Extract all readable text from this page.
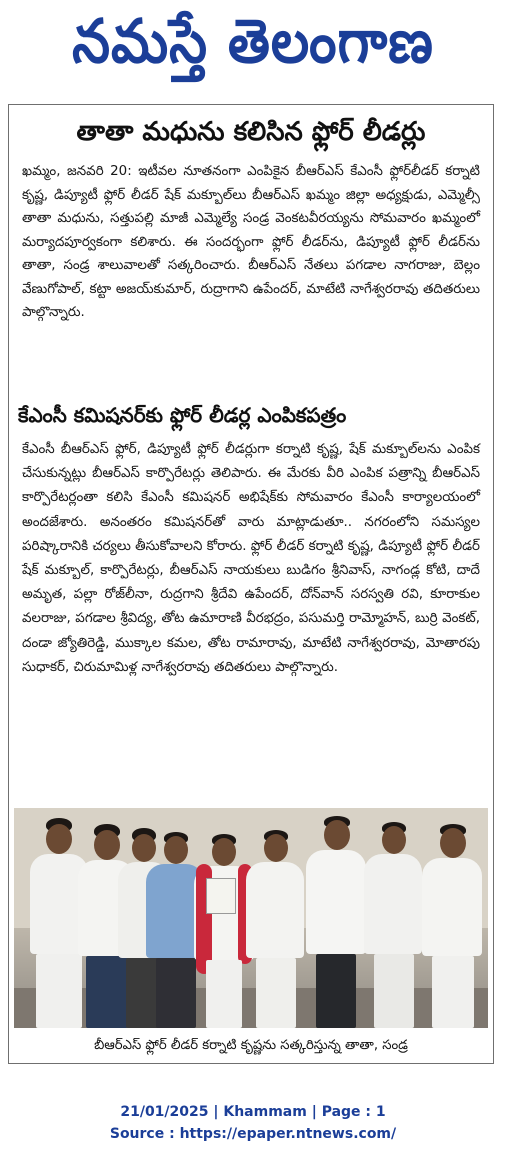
నమస్తే తెలంగాణ
తాతా మధును కలిసిన ఫ్లోర్ లీడర్లు
ఖమ్మం, జనవరి 20: ఇటీవల నూతనంగా ఎంపికైన బీఆర్ఎస్ కేఎంసీ ఫ్లోర్‌లీడర్ కర్నాటి కృష్ణ, డిప్యూటీ ఫ్లోర్ లీడర్ షేక్ మక్బూల్‌లు బీఆర్ఎస్ ఖమ్మం జిల్లా అధ్యక్షుడు, ఎమ్మెల్సీ తాతా మధును, సత్తుపల్లి మాజీ ఎమ్మెల్యే సండ్ర వెంకటవీరయ్యను సోమవారం ఖమ్మంలో మర్యాదపూర్వకంగా కలిశారు. ఈ సందర్భంగా ఫ్లోర్ లీడర్‌ను, డిప్యూటీ ఫ్లోర్ లీడర్‌ను తాతా, సండ్ర శాలువాలతో సత్కరించారు. బీఆర్ఎస్ నేతలు పగడాల నాగరాజు, బెల్లం వేణుగోపాల్, కట్టా అజయ్‌కుమార్, రుద్రాగాని ఉపేందర్, మాటేటి నాగేశ్వరరావు తదితరులు పాల్గొన్నారు.
కేఎంసీ కమిషనర్‌కు ఫ్లోర్ లీడర్ల ఎంపికపత్రం
కేఎంసీ బీఆర్ఎస్ ఫ్లోర్, డిప్యూటీ ఫ్లోర్ లీడర్లుగా కర్నాటి కృష్ణ, షేక్ మక్బూల్‌లను ఎంపిక చేసుకున్నట్లు బీఆర్ఎస్ కార్పొరేటర్లు తెలిపారు. ఈ మేరకు వీరి ఎంపిక పత్రాన్ని బీఆర్ఎస్ కార్పొరేటర్లంతా కలిసి కేఎంసీ కమిషనర్ అభిషేక్‌కు సోమవారం కేఎంసీ కార్యాలయంలో అందజేశారు. అనంతరం కమిషనర్‌తో వారు మాట్లాడుతూ.. నగరంలోని సమస్యల పరిష్కారానికి చర్యలు తీసుకోవాలని కోరారు. ఫ్లోర్ లీడర్ కర్నాటి కృష్ణ, డిప్యూటీ ఫ్లోర్ లీడర్ షేక్ మక్బూల్, కార్పొరేటర్లు, బీఆర్ఎస్ నాయకులు బుడిగం శ్రీనివాస్, నాగండ్ల కోటి, దాదే అమృత, పల్లా రోజ్‌లీనా, రుద్రగాని శ్రీదేవి ఉపేందర్, దోన్‌వాన్ సరస్వతి రవి, కూరాకుల వలరాజు, పగడాల శ్రీవిద్య, తోట ఉమారాణి వీరభద్రం, పసుమర్తి రామ్మోహన్, బుర్రి వెంకట్, దండా జ్యోతిరెడ్డి, ముక్కాల కమల, తోట రామారావు, మాటేటి నాగేశ్వరరావు, మోతారపు సుధాకర్, చిరుమామిళ్ల నాగేశ్వరరావు తదితరులు పాల్గొన్నారు.
బీఆర్ఎస్ ఫ్లోర్ లీడర్ కర్నాటి కృష్ణను సత్కరిస్తున్న తాతా, సండ్ర
21/01/2025 | Khammam | Page : 1
Source : https://epaper.ntnews.com/
